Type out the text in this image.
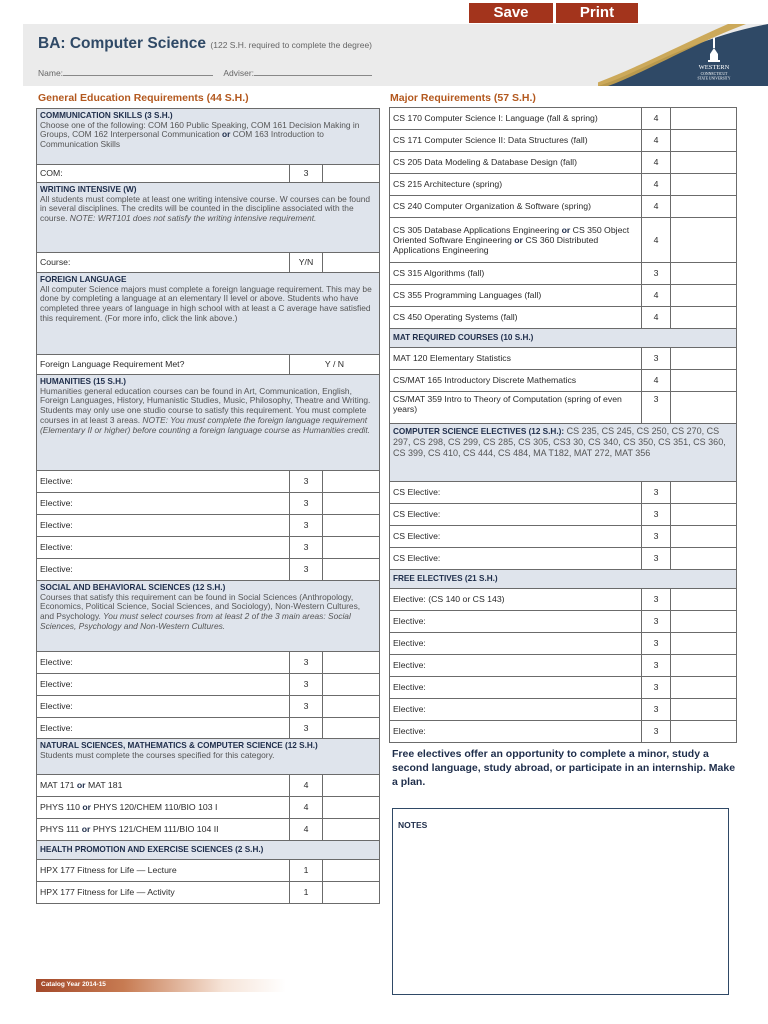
Save	Print
BA: Computer Science (122 S.H. required to complete the degree)
Name:	Adviser:
WESTERN
CONNECTICUT
STATE UNIVERSITY
General Education Requirements (44 S.H.)	Major Requirements (57 S.H.)
COMMUNICATION SKILLS (3 S.H.)
Choose one of the following: COM 160 Public Speaking, COM 161 Decision Making in Groups, COM 162 Interpersonal Communication or COM 163 Introduction to Communication Skills		

COM:	3	

WRITING INTENSIVE (W)
All students must complete at least one writing intensive course. W courses can be found in several disciplines. The credits will be counted in the discipline associated with the course. NOTE: WRT101 does not satisfy the writing intensive requirement.		

Course:	Y/N	

FOREIGN LANGUAGE
All computer Science majors must complete a foreign language requirement. This may be done by completing a language at an elementary II level or above. Students who have completed three years of language in high school with at least a C average have satisfied this requirement. (For more info, click the link above.)		

Foreign Language Requirement Met?	Y / N	

HUMANITIES (15 S.H.)
Humanities general education courses can be found in Art, Communication, English, Foreign Languages, History, Humanistic Studies, Music, Philosophy, Theatre and Writing. Students may only use one studio course to satisfy this requirement. You must complete courses in at least 3 areas. NOTE: You must complete the foreign language requirement (Elementary II or higher) before counting a foreign language course as Humanities credit.		

Elective:	3	
Elective:	3	
Elective:	3	
Elective:	3	
Elective:	3	

SOCIAL AND BEHAVIORAL SCIENCES (12 S.H.)
Courses that satisfy this requirement can be found in Social Sciences (Anthropology, Economics, Political Science, Social Sciences, and Sociology), Non-Western Cultures, and Psychology. You must select courses from at least 2 of the 3 main areas: Social Sciences, Psychology and Non-Western Cultures.		

Elective:	3	
Elective:	3	
Elective:	3	
Elective:	3	

NATURAL SCIENCES, MATHEMATICS & COMPUTER SCIENCE (12 S.H.)
Students must complete the courses specified for this category.		

MAT 171 or MAT 181	4	
PHYS 110 or PHYS 120/CHEM 110/BIO 103 I	4	
PHYS 111 or PHYS 121/CHEM 111/BIO 104 II	4	
HEALTH PROMOTION AND EXERCISE SCIENCES (2 S.H.)		
HPX 177 Fitness for Life — Lecture	1	
HPX 177 Fitness for Life — Activity	1	
CS 170 Computer Science I: Language (fall & spring)	4	
CS 171 Computer Science II: Data Structures (fall)	4	
CS 205 Data Modeling & Database Design (fall)	4	
CS 215 Architecture (spring)	4	
CS 240 Computer Organization & Software (spring)	4	
CS 305 Database Applications Engineering or CS 350 Object Oriented Software Engineering or CS 360 Distributed Applications Engineering	4	
CS 315 Algorithms (fall)	3	
CS 355 Programming Languages (fall)	4	
CS 450 Operating Systems (fall)	4	
MAT REQUIRED COURSES (10 S.H.)		
MAT 120 Elementary Statistics	3	
CS/MAT 165 Introductory Discrete Mathematics	4	
CS/MAT 359 Intro to Theory of Computation (spring of even years)	3	
COMPUTER SCIENCE ELECTIVES (12 S.H.): CS 235, CS 245, CS 250, CS 270, CS 297, CS 298, CS 299, CS 285, CS 305, CS3 30, CS 340, CS 350, CS 351, CS 360, CS 399, CS 410, CS 444, CS 484, MA T182, MAT 272, MAT 356		
CS Elective:	3	
CS Elective:	3	
CS Elective:	3	
CS Elective:	3	
FREE ELECTIVES (21 S.H.)		
Elective: (CS 140 or CS 143)	3	
Elective:	3	
Elective:	3	
Elective:	3	
Elective:	3	
Elective:	3	
Elective:	3	
Free electives offer an opportunity to complete a minor, study a second language, study abroad, or participate in an internship. Make a plan.
NOTES
Catalog Year 2014-15
